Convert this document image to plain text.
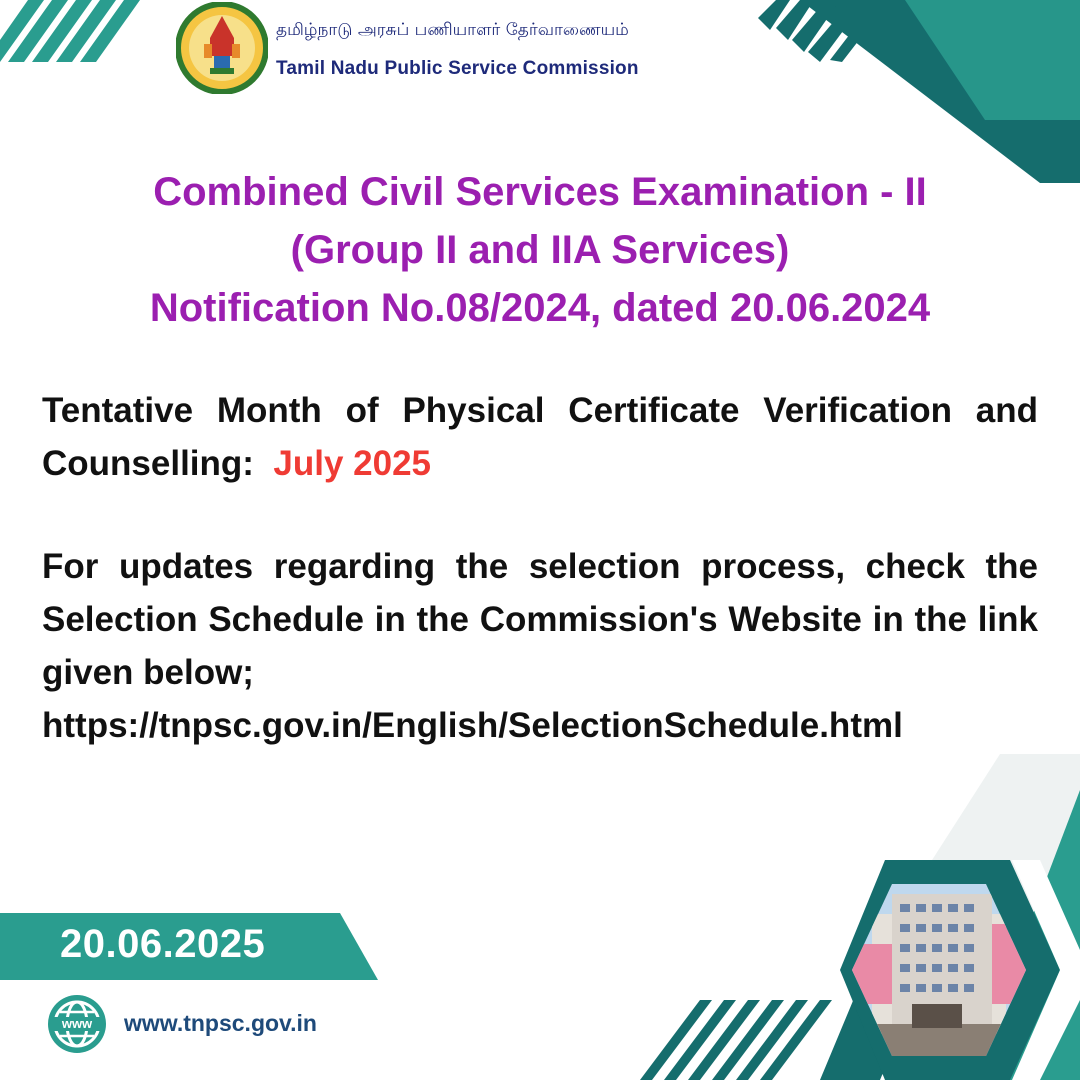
தமிழ்நாடு அரசுப் பணியாளர் தேர்வாணையம்
Tamil Nadu Public Service Commission
Combined Civil Services Examination - II
(Group II and IIA Services)
Notification No.08/2024, dated 20.06.2024
Tentative Month of Physical Certificate Verification and Counselling: July 2025
For updates regarding the selection process, check the Selection Schedule in the Commission's Website in the link given below;
https://tnpsc.gov.in/English/SelectionSchedule.html
20.06.2025
www www.tnpsc.gov.in
